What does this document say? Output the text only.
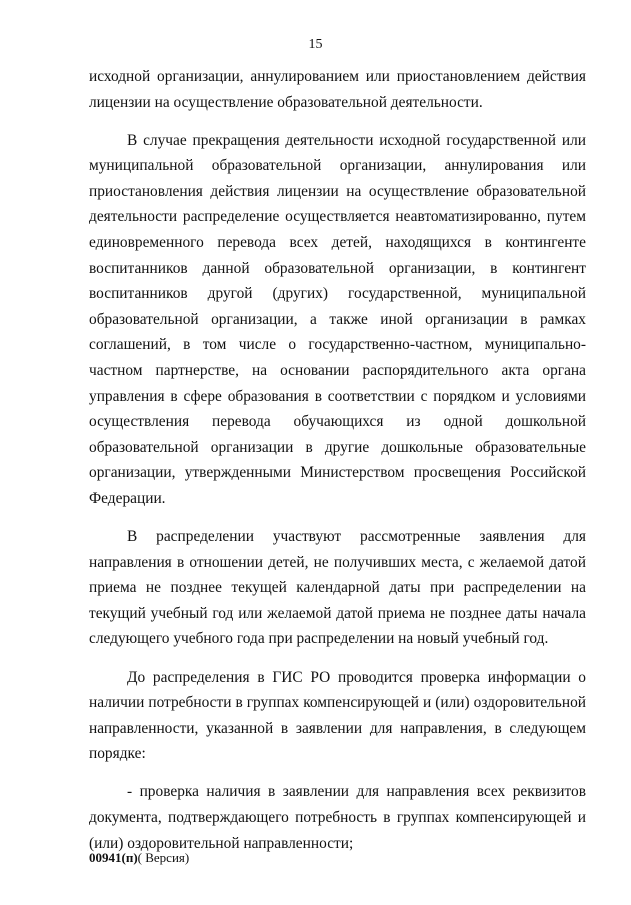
15

исходной организации, аннулированием или приостановлением действия лицензии на осуществление образовательной деятельности.

В случае прекращения деятельности исходной государственной или муниципальной образовательной организации, аннулирования или приостановления действия лицензии на осуществление образовательной деятельности распределение осуществляется неавтоматизированно, путем единовременного перевода всех детей, находящихся в контингенте воспитанников данной образовательной организации, в контингент воспитанников другой (других) государственной, муниципальной образовательной организации, а также иной организации в рамках соглашений, в том числе о государственно-частном, муниципально-частном партнерстве, на основании распорядительного акта органа управления в сфере образования в соответствии с порядком и условиями осуществления перевода обучающихся из одной дошкольной образовательной организации в другие дошкольные образовательные организации, утвержденными Министерством просвещения Российской Федерации.

В распределении участвуют рассмотренные заявления для направления в отношении детей, не получивших места, с желаемой датой приема не позднее текущей календарной даты при распределении на текущий учебный год или желаемой датой приема не позднее даты начала следующего учебного года при распределении на новый учебный год.

До распределения в ГИС РО проводится проверка информации о наличии потребности в группах компенсирующей и (или) оздоровительной направленности, указанной в заявлении для направления, в следующем порядке:

- проверка наличия в заявлении для направления всех реквизитов документа, подтверждающего потребность в группах компенсирующей и (или) оздоровительной направленности;

00941(п)( Версия)
